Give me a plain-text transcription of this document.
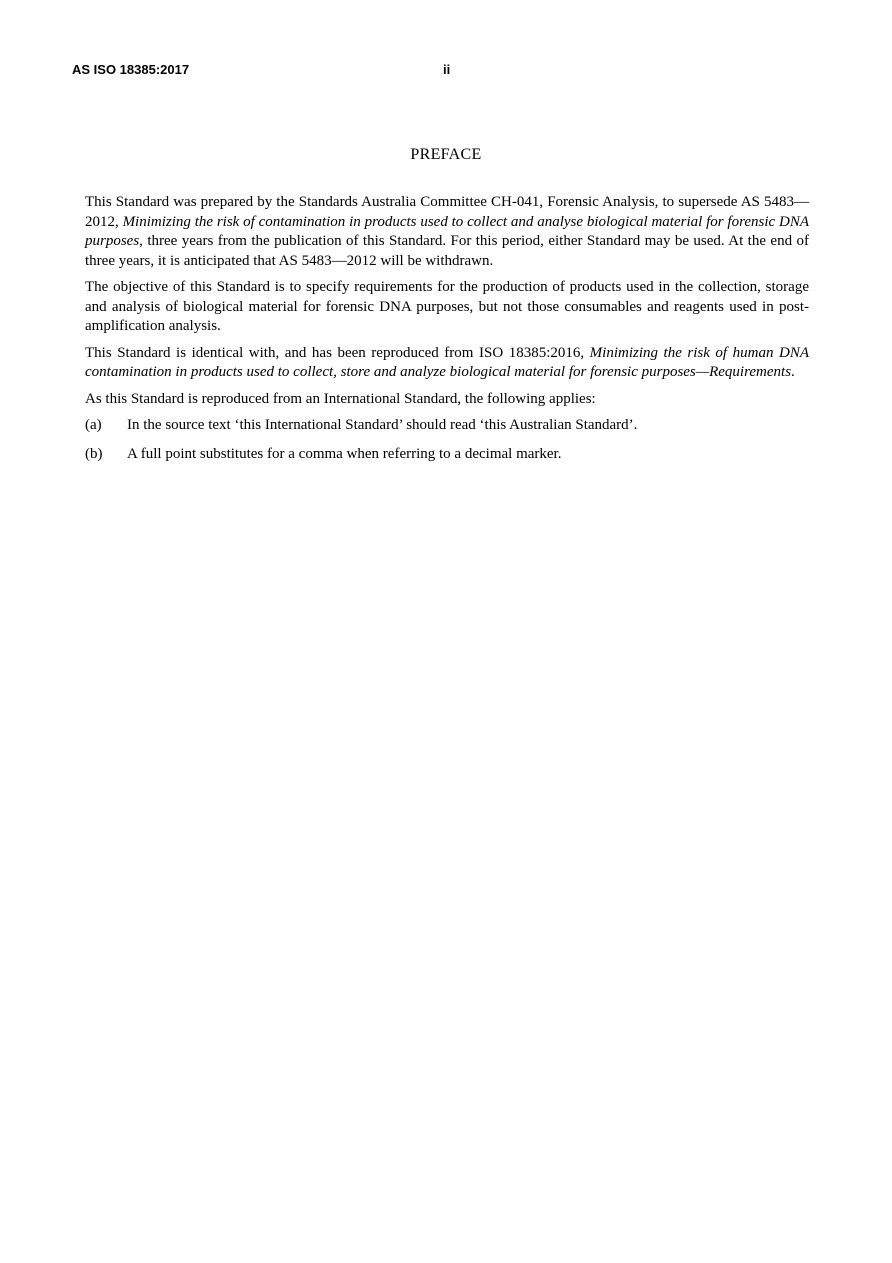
AS ISO 18385:2017	ii
PREFACE

This Standard was prepared by the Standards Australia Committee CH-041, Forensic Analysis, to supersede AS 5483—2012, Minimizing the risk of contamination in products used to collect and analyse biological material for forensic DNA purposes, three years from the publication of this Standard. For this period, either Standard may be used. At the end of three years, it is anticipated that AS 5483—2012 will be withdrawn.

The objective of this Standard is to specify requirements for the production of products used in the collection, storage and analysis of biological material for forensic DNA purposes, but not those consumables and reagents used in post-amplification analysis.

This Standard is identical with, and has been reproduced from ISO 18385:2016, Minimizing the risk of human DNA contamination in products used to collect, store and analyze biological material for forensic purposes—Requirements.

As this Standard is reproduced from an International Standard, the following applies:

(a)	In the source text ‘this International Standard’ should read ‘this Australian Standard’.
(b)	A full point substitutes for a comma when referring to a decimal marker.
